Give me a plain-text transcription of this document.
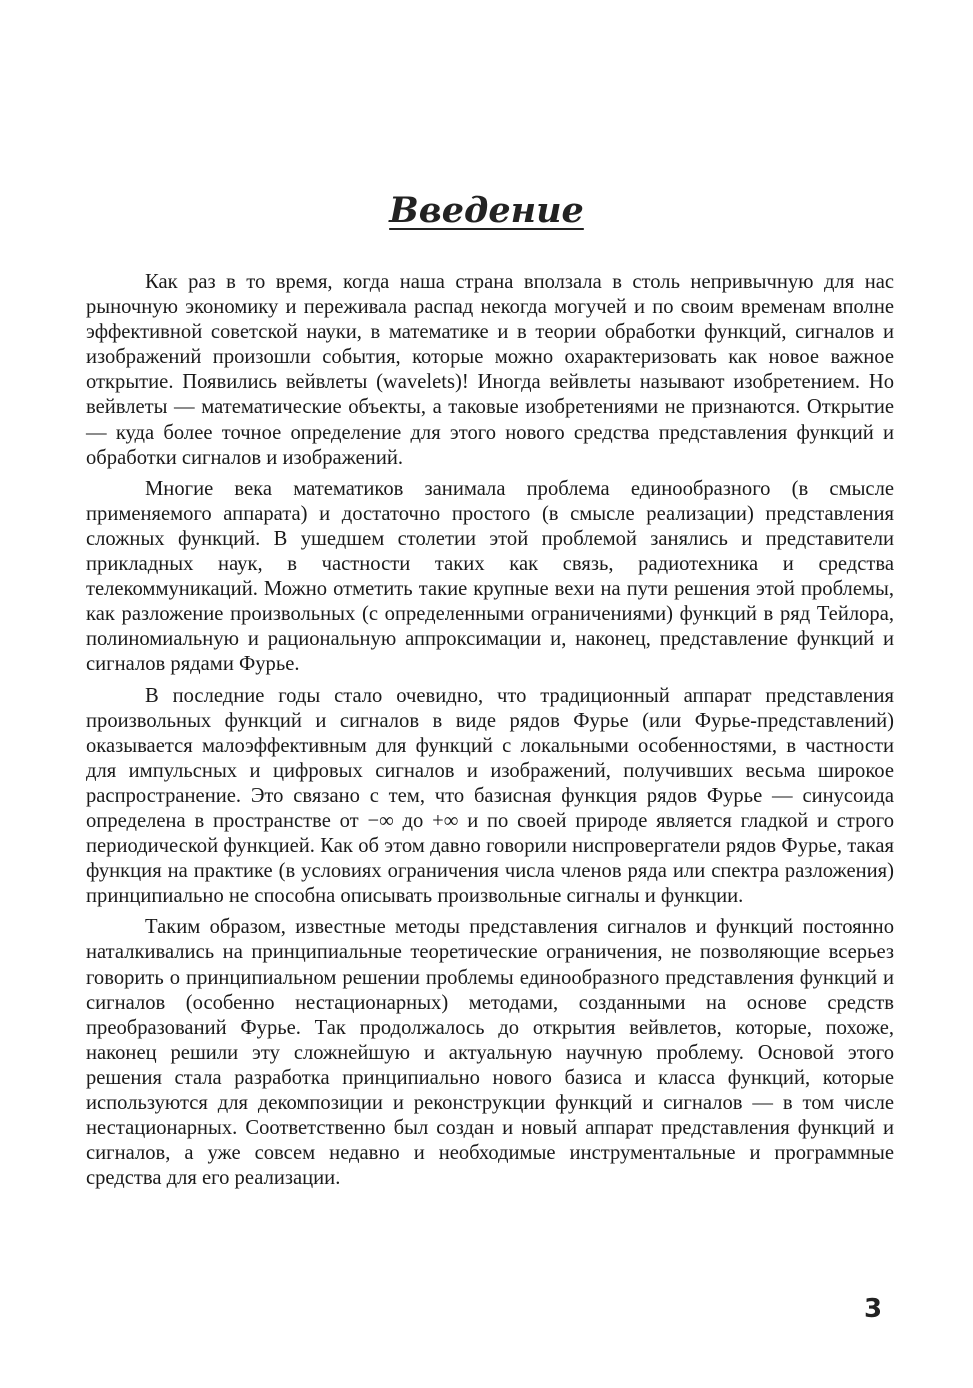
Введение

Как раз в то время, когда наша страна вползала в столь непривычную для нас рыночную экономику и переживала распад некогда могучей и по своим временам вполне эффективной советской науки, в математике и в теории обработки функций, сигналов и изображений произошли события, которые можно охарактеризовать как новое важное открытие. Появились вейвлеты (wavelets)! Иногда вейвлеты называют изобретением. Но вейвлеты — математические объекты, а таковые изобретениями не признаются. Открытие — куда более точное определение для этого нового средства представления функций и обработки сигналов и изображений.

Многие века математиков занимала проблема единообразного (в смысле применяемого аппарата) и достаточно простого (в смысле реализации) представления сложных функций. В ушедшем столетии этой проблемой занялись и представители прикладных наук, в частности таких как связь, радиотехника и средства телекоммуникаций. Можно отметить такие крупные вехи на пути решения этой проблемы, как разложение произвольных (с определенными ограничениями) функций в ряд Тейлора, полиномиальную и рациональную аппроксимации и, наконец, представление функций и сигналов рядами Фурье.

В последние годы стало очевидно, что традиционный аппарат представления произвольных функций и сигналов в виде рядов Фурье (или Фурье-представлений) оказывается малоэффективным для функций с локальными особенностями, в частности для импульсных и цифровых сигналов и изображений, получивших весьма широкое распространение. Это связано с тем, что базисная функция рядов Фурье — синусоида определена в пространстве от −∞ до +∞ и по своей природе является гладкой и строго периодической функцией. Как об этом давно говорили ниспровергатели рядов Фурье, такая функция на практике (в условиях ограничения числа членов ряда или спектра разложения) принципиально не способна описывать произвольные сигналы и функции.

Таким образом, известные методы представления сигналов и функций постоянно наталкивались на принципиальные теоретические ограничения, не позволяющие всерьез говорить о принципиальном решении проблемы единообразного представления функций и сигналов (особенно нестационарных) методами, созданными на основе средств преобразований Фурье. Так продолжалось до открытия вейвлетов, которые, похоже, наконец решили эту сложнейшую и актуальную научную проблему. Основой этого решения стала разработка принципиально нового базиса и класса функций, которые используются для декомпозиции и реконструкции функций и сигналов — в том числе нестационарных. Соответственно был создан и новый аппарат представления функций и сигналов, а уже совсем недавно и необходимые инструментальные и программные средства для его реализации.

3
